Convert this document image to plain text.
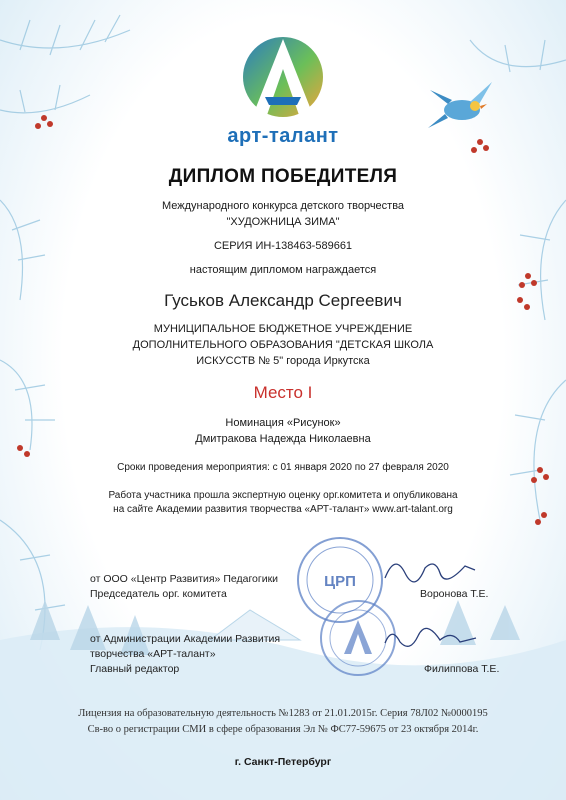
арт-талант
ДИПЛОМ ПОБЕДИТЕЛЯ
Международного конкурса детского творчества
"ХУДОЖНИЦА ЗИМА"
СЕРИЯ ИН-138463-589661
настоящим дипломом награждается
Гуськов Александр Сергеевич
МУНИЦИПАЛЬНОЕ БЮДЖЕТНОЕ УЧРЕЖДЕНИЕ
ДОПОЛНИТЕЛЬНОГО ОБРАЗОВАНИЯ "ДЕТСКАЯ ШКОЛА
ИСКУССТВ № 5" города Иркутска
Место I
Номинация «Рисунок»
Дмитракова Надежда Николаевна
Сроки проведения мероприятия: с 01 января 2020 по 27 февраля 2020
Работа участника прошла экспертную оценку орг.комитета и опубликована
на сайте Академии развития творчества «АРТ-талант» www.art-talant.org
от ООО «Центр Развития» Педагогики
Председатель орг. комитета	Воронова Т.Е.
от Администрации Академии Развития
творчества «АРТ-талант»
Главный редактор	Филиппова Т.Е.
ЦРП
Лицензия на образовательную деятельность №1283 от 21.01.2015г. Серия 78Л02 №0000195
Св-во о регистрации СМИ в сфере образования Эл № ФС77-59675 от 23 октября 2014г.
г. Санкт-Петербург
